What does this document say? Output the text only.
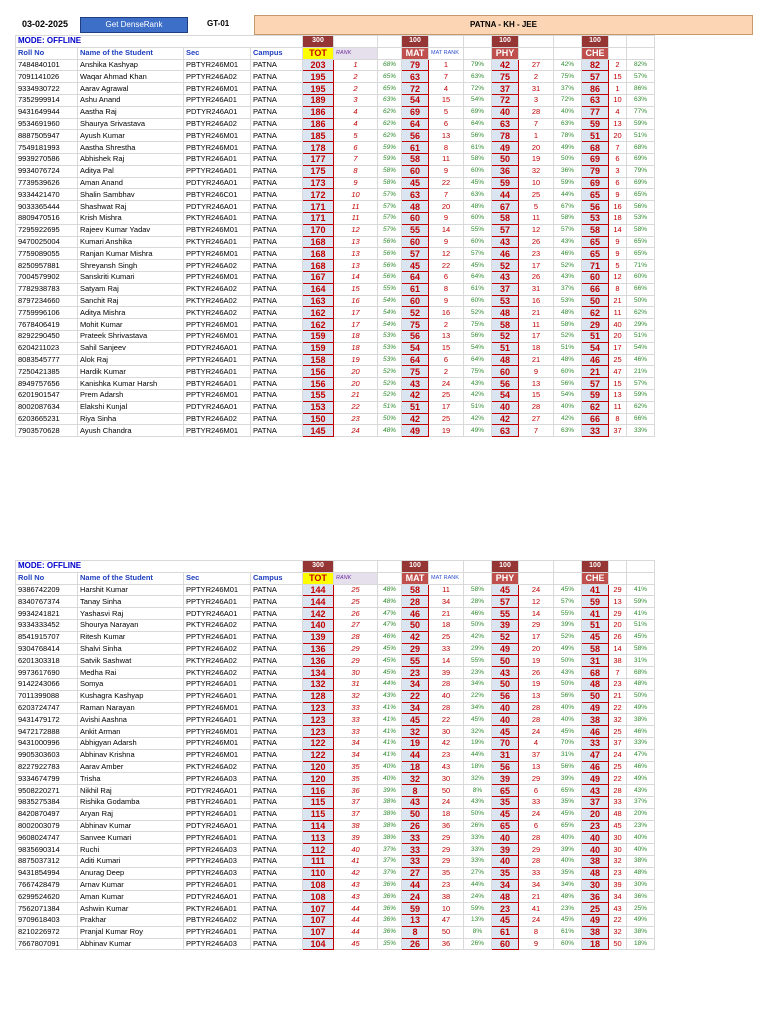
03-02-2025	Get DenseRank	GT-01	PATNA - KH - JEE
MODE: OFFLINE				300			100			100			100		
Roll No	Name of the Student	Sec	Campus	TOT	RANK		MAT	MAT RANK		PHY			CHE		
7484840101	Anshika Kashyap	PBTYR246M01	PATNA	203	1	68%	79	1	79%	42	27	42%	82	2	82%
7091141026	Waqar Ahmad Khan	PPTYR246A02	PATNA	195	2	65%	63	7	63%	75	2	75%	57	15	57%
9334930722	Aarav Agrawal	PBTYR246M01	PATNA	195	2	65%	72	4	72%	37	31	37%	86	1	86%
7352999914	Ashu Anand	PPTYR246A01	PATNA	189	3	63%	54	15	54%	72	3	72%	63	10	63%
9431649944	Aastha Raj	PDTYR246A01	PATNA	186	4	62%	69	5	69%	40	28	40%	77	4	77%
9534691960	Shaurya Srivastava	PBTYR246A02	PATNA	186	4	62%	64	6	64%	63	7	63%	59	13	59%
8887505947	Ayush Kumar	PBTYR246M01	PATNA	185	5	62%	56	13	56%	78	1	78%	51	20	51%
7549181993	Aastha Shrestha	PBTYR246M01	PATNA	178	6	59%	61	8	61%	49	20	49%	68	7	68%
9939270586	Abhishek Raj	PBTYR246A01	PATNA	177	7	59%	58	11	58%	50	19	50%	69	6	69%
9934076724	Aditya Pal	PPTYR246A01	PATNA	175	8	58%	60	9	60%	36	32	36%	79	3	79%
7739539626	Aman Anand	PDTYR246A01	PATNA	173	9	58%	45	22	45%	59	10	59%	69	6	69%
9334421470	Shalin Sambhav	PBTYR246C01	PATNA	172	10	57%	63	7	63%	44	25	44%	65	9	65%
9033365444	Shashwat Raj	PDTYR246A01	PATNA	171	11	57%	48	20	48%	67	5	67%	56	16	56%
8809470516	Krish Mishra	PKTYR246A01	PATNA	171	11	57%	60	9	60%	58	11	58%	53	18	53%
7295922695	Rajeev Kumar Yadav	PBTYR246M01	PATNA	170	12	57%	55	14	55%	57	12	57%	58	14	58%
9470025004	Kumari Anshika	PKTYR246A01	PATNA	168	13	56%	60	9	60%	43	26	43%	65	9	65%
7759089055	Ranjan Kumar Mishra	PPTYR246M01	PATNA	168	13	56%	57	12	57%	46	23	46%	65	9	65%
8250957881	Shreyansh Singh	PPTYR246A02	PATNA	168	13	56%	45	22	45%	52	17	52%	71	5	71%
7004579902	Sanskriti Kumari	PPTYR246M01	PATNA	167	14	56%	64	6	64%	43	26	43%	60	12	60%
7782938783	Satyam Raj	PKTYR246A02	PATNA	164	15	55%	61	8	61%	37	31	37%	66	8	66%
8797234660	Sanchit Raj	PKTYR246A02	PATNA	163	16	54%	60	9	60%	53	16	53%	50	21	50%
7759996106	Aditya Mishra	PKTYR246A02	PATNA	162	17	54%	52	16	52%	48	21	48%	62	11	62%
7678406419	Mohit Kumar	PPTYR246M01	PATNA	162	17	54%	75	2	75%	58	11	58%	29	40	29%
8292290450	Prateek Shrivastava	PPTYR246M01	PATNA	159	18	53%	56	13	56%	52	17	52%	51	20	51%
6204211023	Sahil Sanjeev	PDTYR246A01	PATNA	159	18	53%	54	15	54%	51	18	51%	54	17	54%
8083545777	Alok Raj	PPTYR246A01	PATNA	158	19	53%	64	6	64%	48	21	48%	46	25	46%
7250421385	Hardik Kumar	PBTYR246A01	PATNA	156	20	52%	75	2	75%	60	9	60%	21	47	21%
8949757656	Kanishka Kumar Harsh	PBTYR246A01	PATNA	156	20	52%	43	24	43%	56	13	56%	57	15	57%
6201901547	Prem Adarsh	PPTYR246M01	PATNA	155	21	52%	42	25	42%	54	15	54%	59	13	59%
8002087634	Elakshi Kunjal	PDTYR246A01	PATNA	153	22	51%	51	17	51%	40	28	40%	62	11	62%
6203665231	Riya Sinha	PBTYR246A02	PATNA	150	23	50%	42	25	42%	42	27	42%	66	8	66%
7903570628	Ayush Chandra	PBTYR246M01	PATNA	145	24	48%	49	19	49%	63	7	63%	33	37	33%
MODE: OFFLINE				300			100			100			100		
Roll No	Name of the Student	Sec	Campus	TOT	RANK		MAT	MAT RANK		PHY			CHE		
9386742209	Harshit Kumar	PPTYR246M01	PATNA	144	25	48%	58	11	58%	45	24	45%	41	29	41%
8340767374	Tanay Sinha	PPTYR246A01	PATNA	144	25	48%	28	34	28%	57	12	57%	59	13	59%
9934241821	Yashasvi Raj	PDTYR246A01	PATNA	142	26	47%	46	21	46%	55	14	55%	41	29	41%
9334333452	Shourya Narayan	PKTYR246A02	PATNA	140	27	47%	50	18	50%	39	29	39%	51	20	51%
8541915707	Ritesh Kumar	PPTYR246A01	PATNA	139	28	46%	42	25	42%	52	17	52%	45	26	45%
9304768414	Shalvi Sinha	PPTYR246A02	PATNA	136	29	45%	29	33	29%	49	20	49%	58	14	58%
6201303318	Satvik Sashwat	PKTYR246A02	PATNA	136	29	45%	55	14	55%	50	19	50%	31	38	31%
9973617690	Medha Rai	PKTYR246A02	PATNA	134	30	45%	23	39	23%	43	26	43%	68	7	68%
9142243066	Somya	PPTYR246A01	PATNA	132	31	44%	34	28	34%	50	19	50%	48	23	48%
7011399088	Kushagra Kashyap	PPTYR246A01	PATNA	128	32	43%	22	40	22%	56	13	56%	50	21	50%
6203724747	Raman Narayan	PPTYR246M01	PATNA	123	33	41%	34	28	34%	40	28	40%	49	22	49%
9431479172	Avishi Aashna	PPTYR246A01	PATNA	123	33	41%	45	22	45%	40	28	40%	38	32	38%
9472172888	Ankit Arman	PPTYR246M01	PATNA	123	33	41%	32	30	32%	45	24	45%	46	25	46%
9431000996	Abhigyan Adarsh	PPTYR246M01	PATNA	122	34	41%	19	42	19%	70	4	70%	33	37	33%
9905303603	Abhinav Krishna	PPTYR246M01	PATNA	122	34	41%	44	23	44%	31	37	31%	47	24	47%
8227922783	Aarav Amber	PKTYR246A02	PATNA	120	35	40%	18	43	18%	56	13	56%	46	25	46%
9334674799	Trisha	PPTYR246A03	PATNA	120	35	40%	32	30	32%	39	29	39%	49	22	49%
9508220271	Nikhil Raj	PDTYR246A01	PATNA	116	36	39%	8	50	8%	65	6	65%	43	28	43%
9835275384	Rishika Godamba	PBTYR246A01	PATNA	115	37	38%	43	24	43%	35	33	35%	37	33	37%
8420870497	Aryan Raj	PPTYR246A01	PATNA	115	37	38%	50	18	50%	45	24	45%	20	48	20%
8002003079	Abhinav Kumar	PDTYR246A01	PATNA	114	38	38%	26	36	26%	65	6	65%	23	45	23%
9608024747	Sanvee Kumari	PPTYR246A01	PATNA	113	39	38%	33	29	33%	40	28	40%	40	30	40%
9835690314	Ruchi	PPTYR246A03	PATNA	112	40	37%	33	29	33%	39	29	39%	40	30	40%
8875037312	Aditi Kumari	PPTYR246A03	PATNA	111	41	37%	33	29	33%	40	28	40%	38	32	38%
9431854994	Anurag Deep	PPTYR246A03	PATNA	110	42	37%	27	35	27%	35	33	35%	48	23	48%
7667428479	Arnav Kumar	PPTYR246A01	PATNA	108	43	36%	44	23	44%	34	34	34%	30	39	30%
6299524620	Aman Kumar	PDTYR246A01	PATNA	108	43	36%	24	38	24%	48	21	48%	36	34	36%
7562071384	Ashwin Kumar	PKTYR246A01	PATNA	107	44	36%	59	10	59%	23	41	23%	25	43	25%
9709618403	Prakhar	PBTYR246A02	PATNA	107	44	36%	13	47	13%	45	24	45%	49	22	49%
8210226972	Pranjal Kumar Roy	PPTYR246A01	PATNA	107	44	36%	8	50	8%	61	8	61%	38	32	38%
7667807091	Abhinav Kumar	PPTYR246A03	PATNA	104	45	35%	26	36	26%	60	9	60%	18	50	18%
